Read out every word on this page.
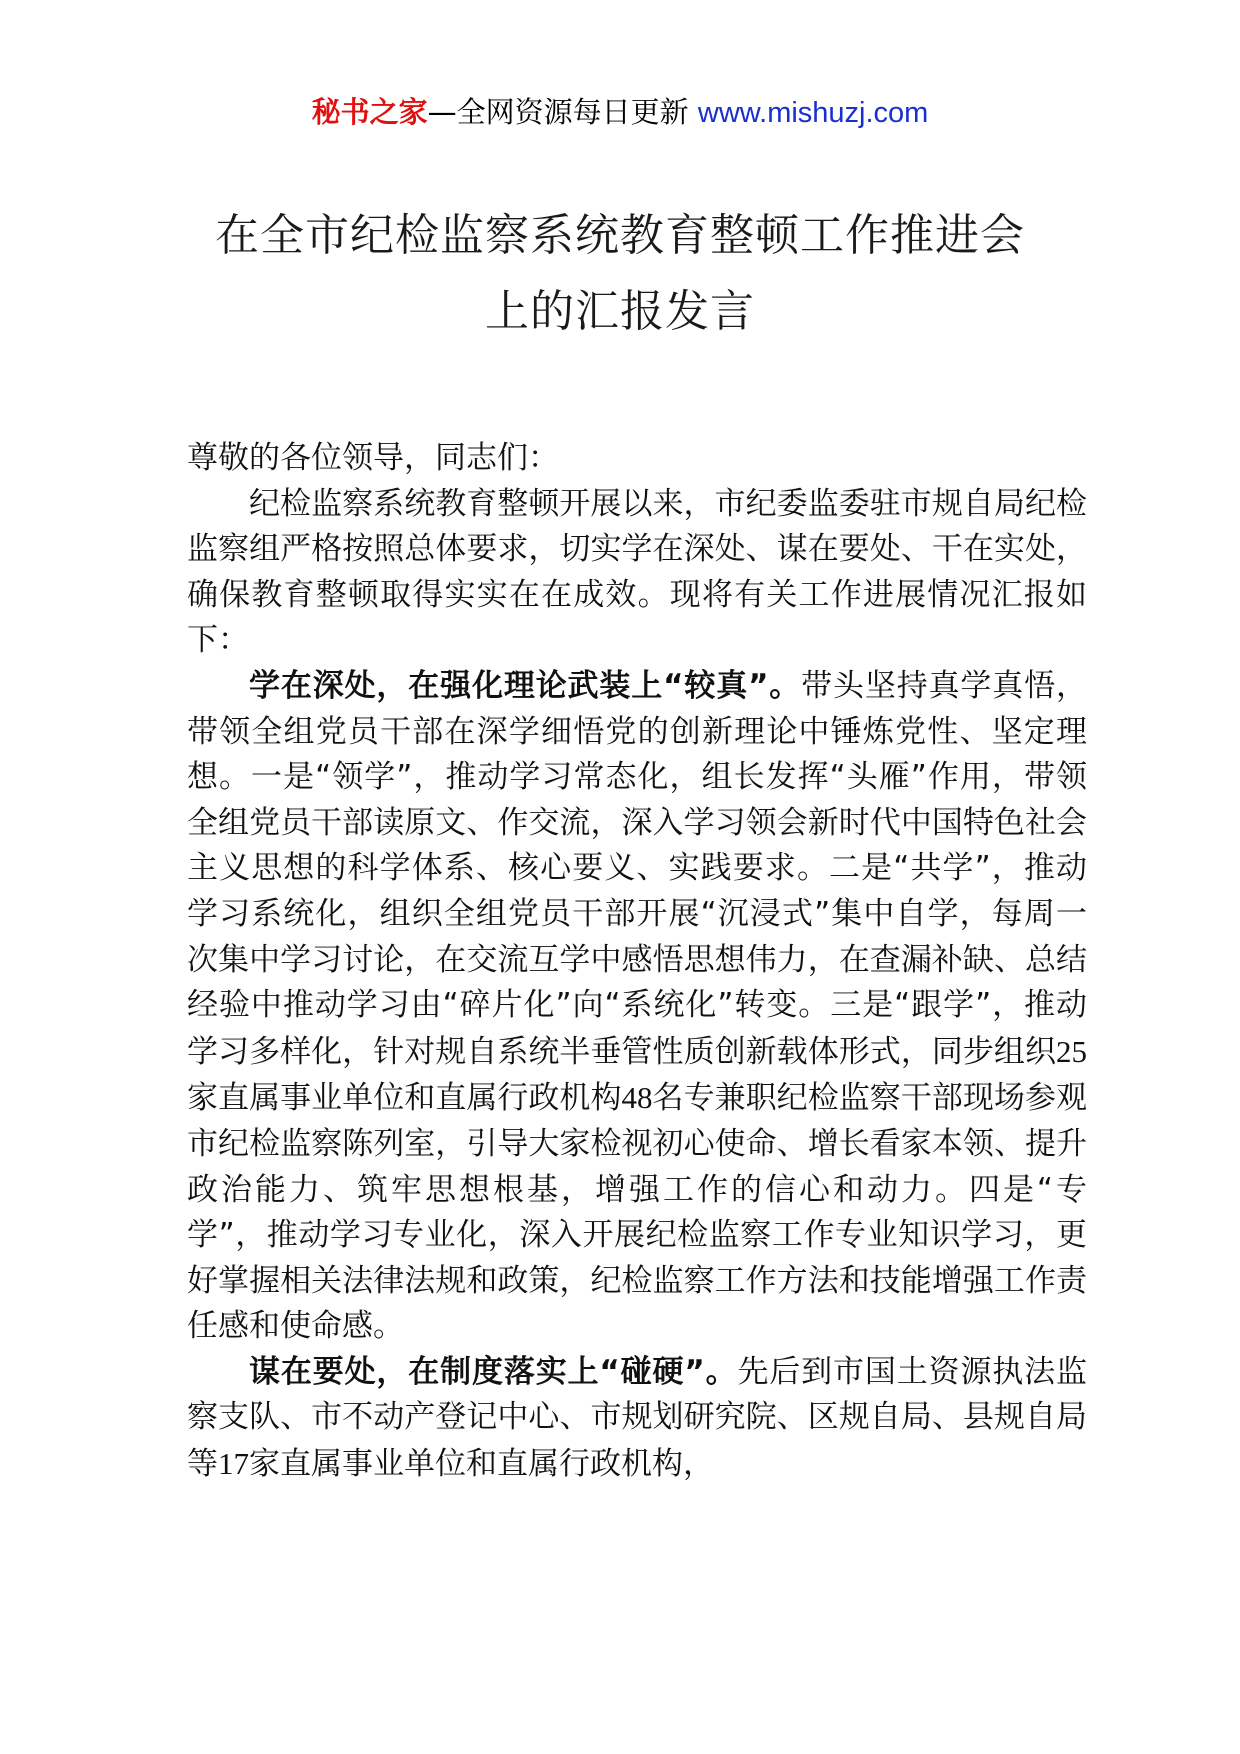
秘书之家—全网资源每日更新 www.mishuzj.com
在全市纪检监察系统教育整顿工作推进会
上的汇报发言

尊敬的各位领导，同志们：

纪检监察系统教育整顿开展以来，市纪委监委驻市规自局纪检监察组严格按照总体要求，切实学在深处、谋在要处、干在实处，确保教育整顿取得实实在在成效。现将有关工作进展情况汇报如下：

学在深处，在强化理论武装上“较真”。带头坚持真学真悟，带领全组党员干部在深学细悟党的创新理论中锤炼党性、坚定理想。一是“领学”，推动学习常态化，组长发挥“头雁”作用，带领全组党员干部读原文、作交流，深入学习领会新时代中国特色社会主义思想的科学体系、核心要义、实践要求。二是“共学”，推动学习系统化，组织全组党员干部开展“沉浸式”集中自学，每周一次集中学习讨论，在交流互学中感悟思想伟力，在查漏补缺、总结经验中推动学习由“碎片化”向“系统化”转变。三是“跟学”，推动学习多样化，针对规自系统半垂管性质创新载体形式，同步组织25家直属事业单位和直属行政机构48名专兼职纪检监察干部现场参观市纪检监察陈列室，引导大家检视初心使命、增长看家本领、提升政治能力、筑牢思想根基，增强工作的信心和动力。四是“专学”，推动学习专业化，深入开展纪检监察工作专业知识学习，更好掌握相关法律法规和政策，纪检监察工作方法和技能增强工作责任感和使命感。

谋在要处，在制度落实上“碰硬”。先后到市国土资源执法监察支队、市不动产登记中心、市规划研究院、区规自局、县规自局等17家直属事业单位和直属行政机构，
